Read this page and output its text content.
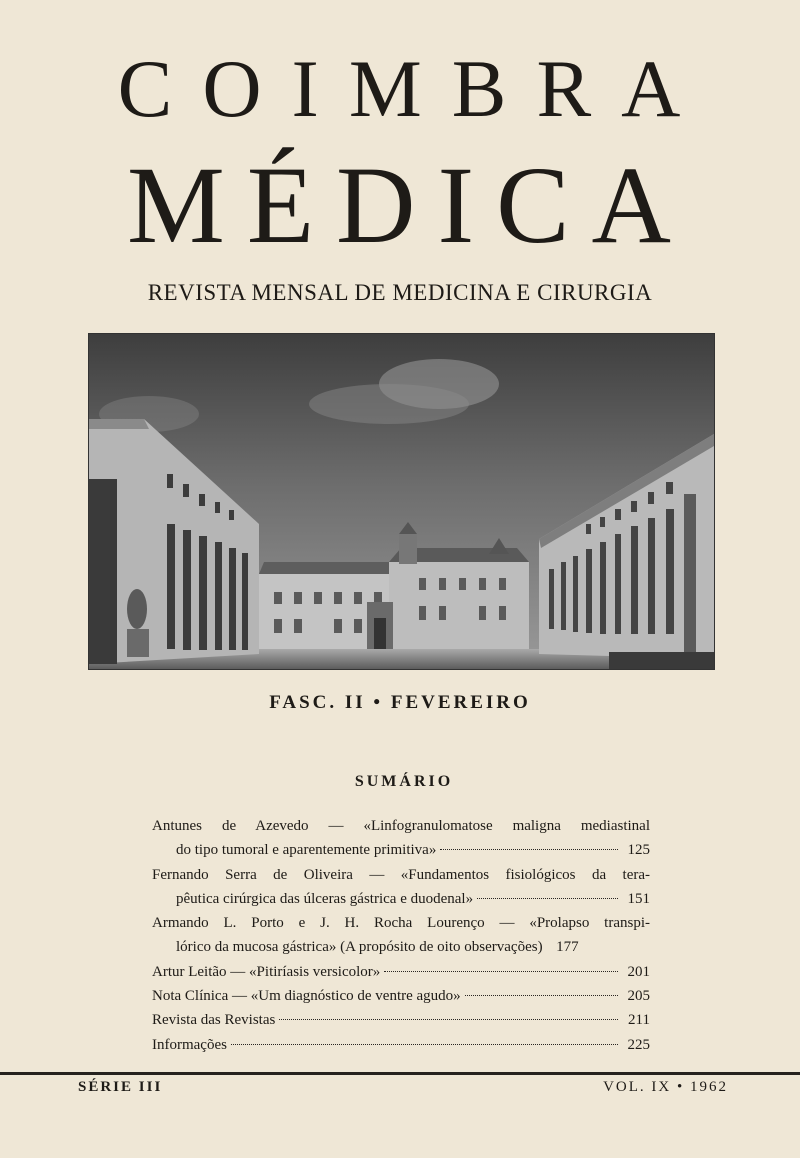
COIMBRA
MÉDICA
REVISTA MENSAL DE MEDICINA E CIRURGIA
FASC. II • FEVEREIRO
SUMÁRIO
Antunes de Azevedo — «Linfogranulomatose maligna mediastinal
do tipo tumoral e aparentemente primitiva»	125
Fernando Serra de Oliveira — «Fundamentos fisiológicos da tera-
pêutica cirúrgica das úlceras gástrica e duodenal»	151
Armando L. Porto e J. H. Rocha Lourenço — «Prolapso transpi-
lórico da mucosa gástrica» (A propósito de oito observações) 177
Artur Leitão — «Pitiríasis versicolor»	201
Nota Clínica — «Um diagnóstico de ventre agudo»	205
Revista das Revistas	211
Informações	225
SÉRIE III	VOL. IX • 1962
